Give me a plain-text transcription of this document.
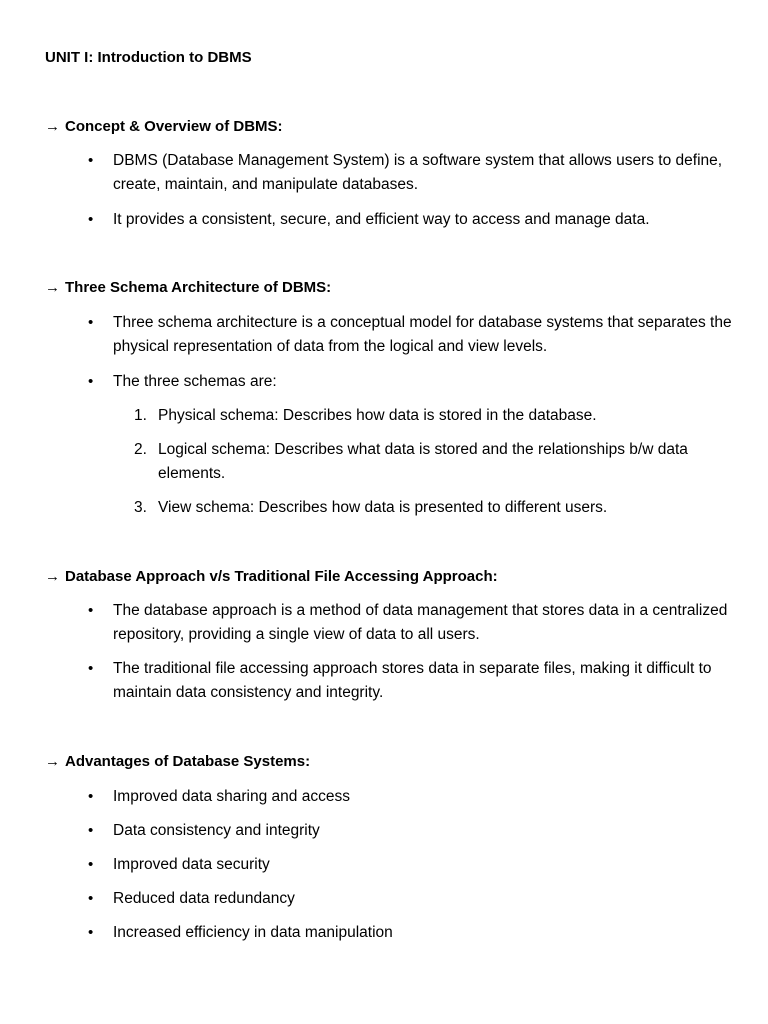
UNIT I: Introduction to DBMS
→ Concept & Overview of DBMS:
• DBMS (Database Management System) is a software system that allows users to define, create, maintain, and manipulate databases.
• It provides a consistent, secure, and efficient way to access and manage data.
→ Three Schema Architecture of DBMS:
• Three schema architecture is a conceptual model for database systems that separates the physical representation of data from the logical and view levels.
• The three schemas are:
1. Physical schema: Describes how data is stored in the database.
2. Logical schema: Describes what data is stored and the relationships b/w data elements.
3. View schema: Describes how data is presented to different users.
→ Database Approach v/s Traditional File Accessing Approach:
• The database approach is a method of data management that stores data in a centralized repository, providing a single view of data to all users.
• The traditional file accessing approach stores data in separate files, making it difficult to maintain data consistency and integrity.
→ Advantages of Database Systems:
• Improved data sharing and access
• Data consistency and integrity
• Improved data security
• Reduced data redundancy
• Increased efficiency in data manipulation
